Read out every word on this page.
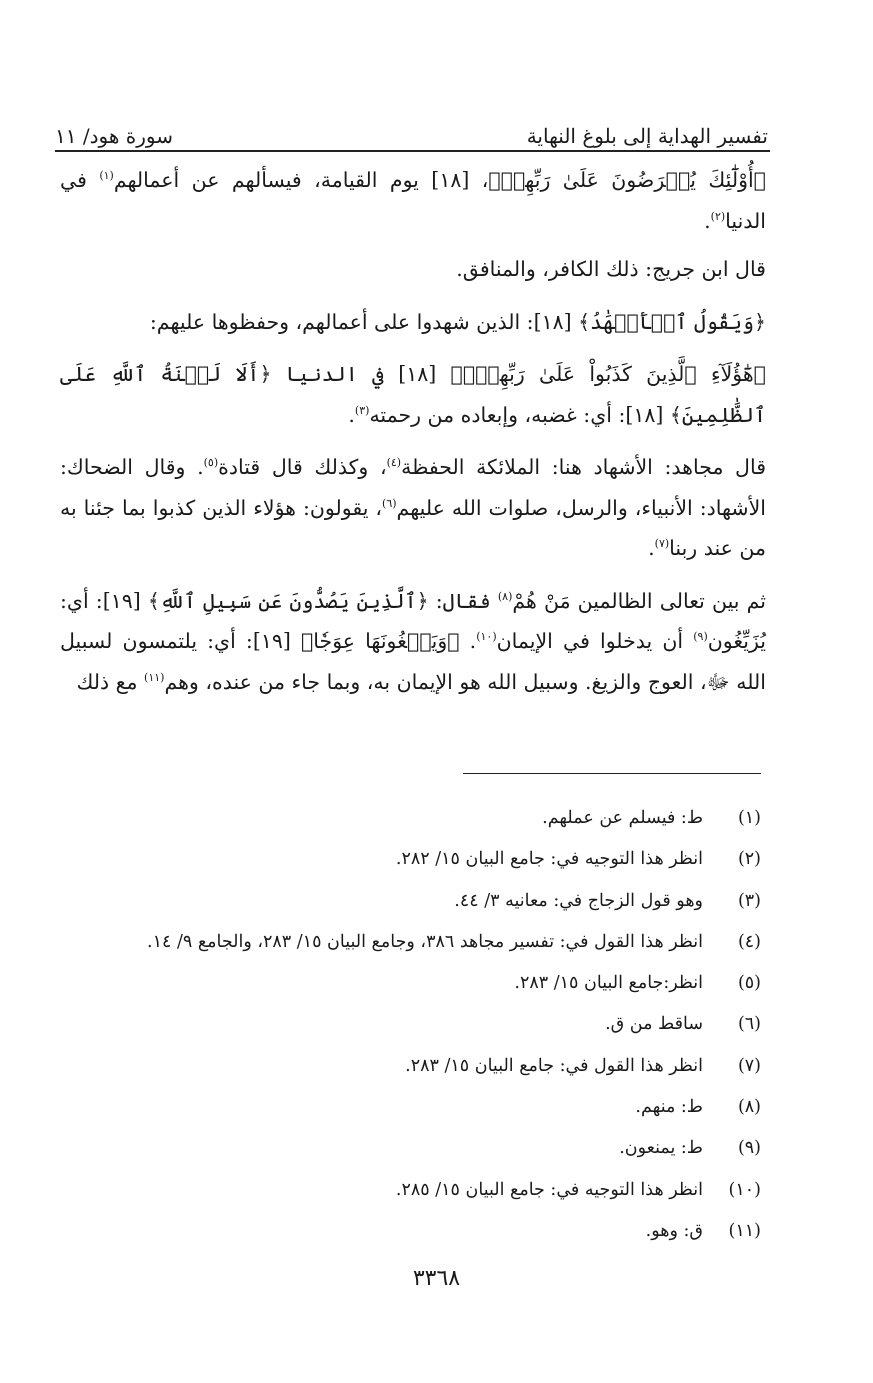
تفسير الهداية إلى بلوغ النهاية
سورة هود/ ١١

﴿أُوْلَٰٓئِكَ يُعۡرَضُونَ عَلَىٰ رَبِّهِمۡ﴾، [١٨] يوم القيامة، فيسألهم عن أعمالهم$^{(١)}$ في الدنيا$^{(٢)}$.

قال ابن جريج: ذلك الكافر، والمنافق.

﴿وَيَقُولُ ٱلۡأَشۡهَٰدُ﴾ [١٨]: الذين شهدوا على أعمالهم، وحفظوها عليهم:

﴿هَٰٓؤُلَآءِ ٱلَّذِينَ كَذَبُواْ عَلَىٰ رَبِّهِمۡۚ﴾ [١٨] في الدنيا ﴿أَلَا لَعۡنَةُ ٱللَّهِ عَلَى ٱلظَّٰلِمِينَ﴾ [١٨]: أي: غضبه، وإبعاده من رحمته$^{(٣)}$.

قال مجاهد: الأشهاد هنا: الملائكة الحفظة$^{(٤)}$، وكذلك قال قتادة$^{(٥)}$. وقال الضحاك: الأشهاد: الأنبياء، والرسل، صلوات الله عليهم$^{(٦)}$، يقولون: هؤلاء الذين كذبوا بما جئنا به من عند ربنا$^{(٧)}$.

ثم بين تعالى الظالمين مَنْ هُمْ$^{(٨)}$ فقال: ﴿ٱلَّذِينَ يَصُدُّونَ عَن سَبِيلِ ٱللَّهِ﴾ [١٩]: أي: يُزَيِّغُون$^{(٩)}$ أن يدخلوا في الإيمان$^{(١٠)}$. ﴿وَيَبۡغُونَهَا عِوَجٗا﴾ [١٩]: أي: يلتمسون لسبيل الله ﷻ، العوج والزيغ. وسبيل الله هو الإيمان به، وبما جاء من عنده، وهم$^{(١١)}$ مع ذلك

(١)
ط: فيسلم عن عملهم.
(٢)
انظر هذا التوجيه في: جامع البيان ١٥/ ٢٨٢.
(٣)
وهو قول الزجاج في: معانيه ٣/ ٤٤.
(٤)
انظر هذا القول في: تفسير مجاهد ٣٨٦، وجامع البيان ١٥/ ٢٨٣، والجامع ٩/ ١٤.
(٥)
انظر:جامع البيان ١٥/ ٢٨٣.
(٦)
ساقط من ق.
(٧)
انظر هذا القول في: جامع البيان ١٥/ ٢٨٣.
(٨)
ط: منهم.
(٩)
ط: يمنعون.
(١٠)
انظر هذا التوجيه في: جامع البيان ١٥/ ٢٨٥.
(١١)
ق: وهو.
٣٣٦٨
